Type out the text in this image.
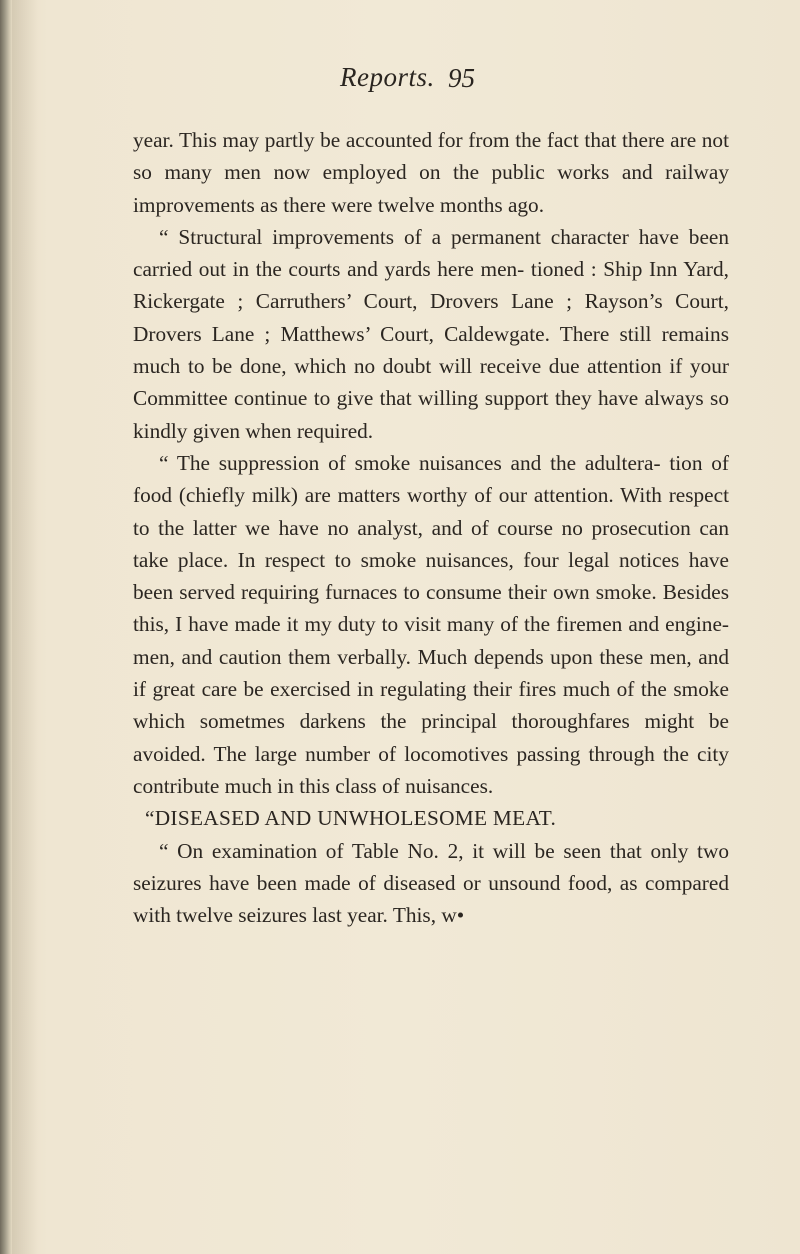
Reports. 95

year. This may partly be accounted for from the fact that there are not so many men now employed on the public works and railway improvements as there were twelve months ago.

“ Structural improvements of a permanent character have been carried out in the courts and yards here men- tioned : Ship Inn Yard, Rickergate ; Carruthers’ Court, Drovers Lane ; Rayson’s Court, Drovers Lane ; Matthews’ Court, Caldewgate. There still remains much to be done, which no doubt will receive due attention if your Committee continue to give that willing support they have always so kindly given when required.

“ The suppression of smoke nuisances and the adultera- tion of food (chiefly milk) are matters worthy of our attention. With respect to the latter we have no analyst, and of course no prosecution can take place. In respect to smoke nuisances, four legal notices have been served requiring furnaces to consume their own smoke. Besides this, I have made it my duty to visit many of the firemen and engine- men, and caution them verbally. Much depends upon these men, and if great care be exercised in regulating their fires much of the smoke which sometmes darkens the principal thoroughfares might be avoided. The large number of locomotives passing through the city contribute much in this class of nuisances.

“DISEASED AND UNWHOLESOME MEAT.

“ On examination of Table No. 2, it will be seen that only two seizures have been made of diseased or unsound food, as compared with twelve seizures last year. This, w•
